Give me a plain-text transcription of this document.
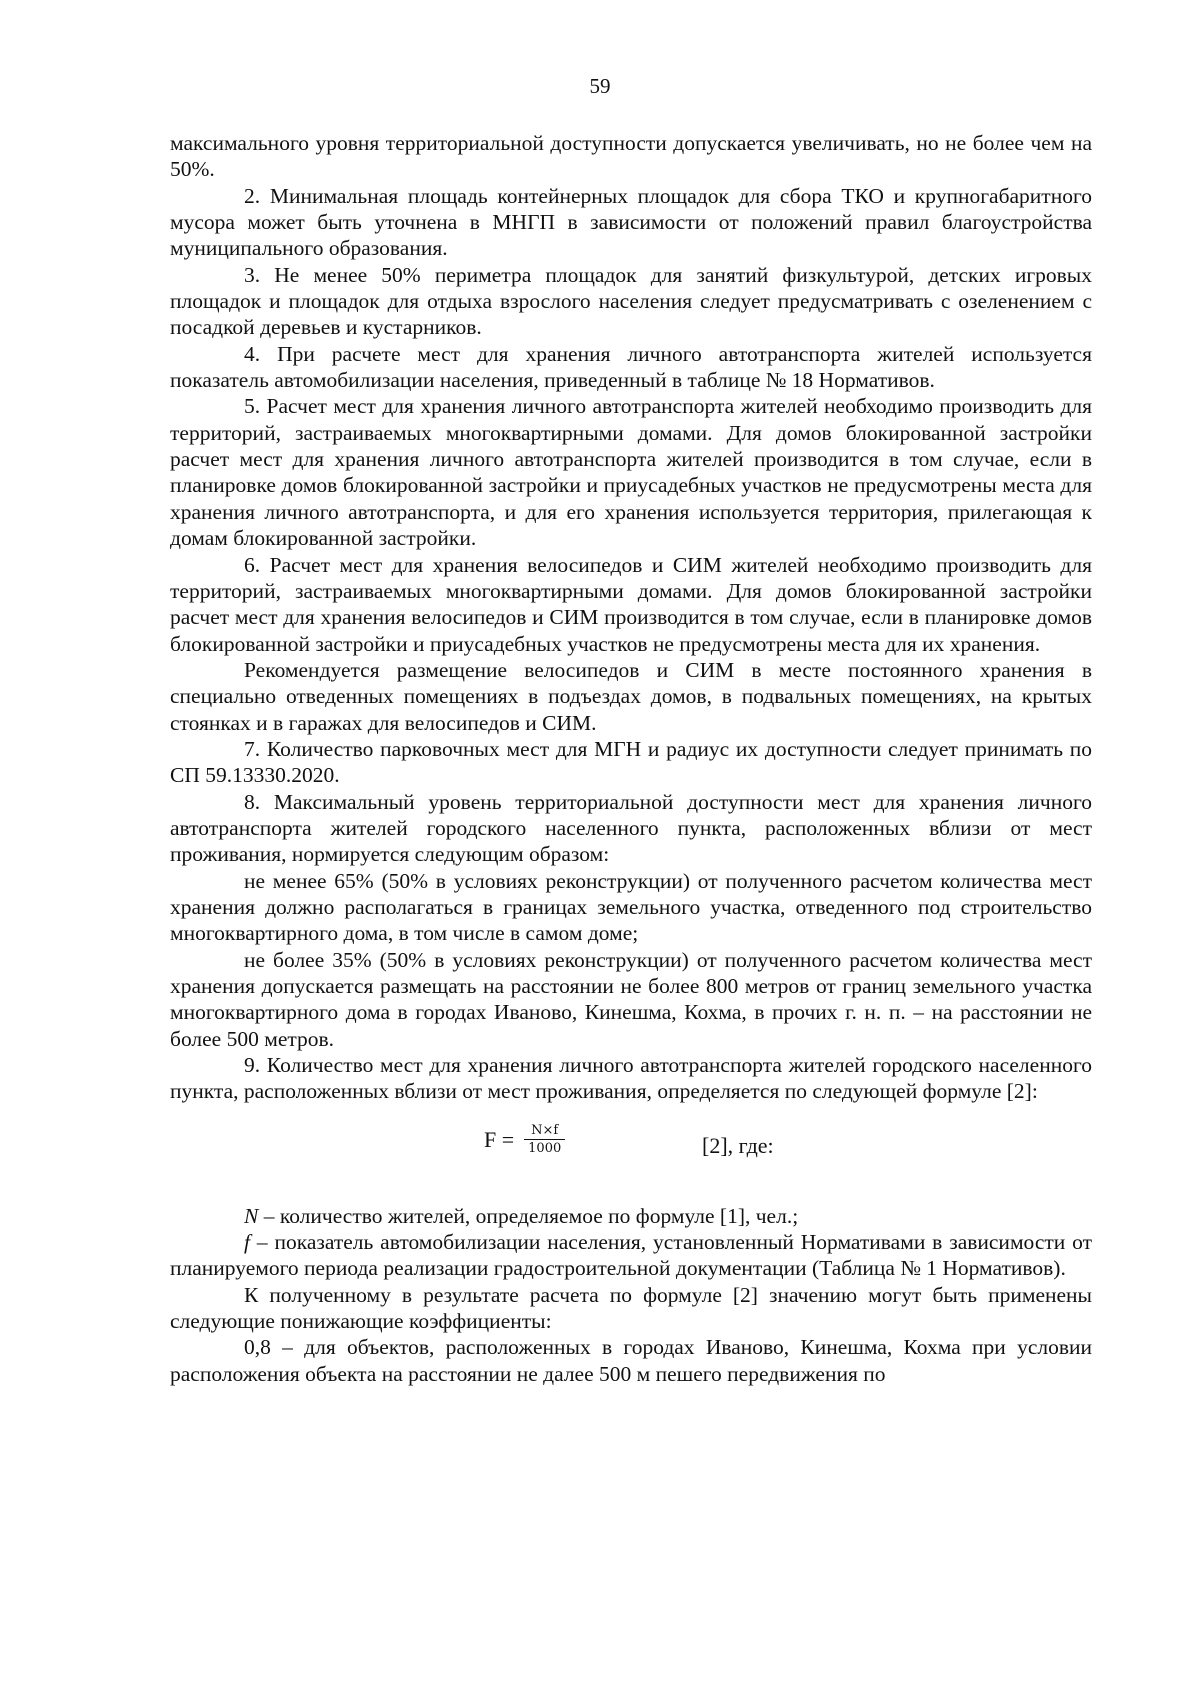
59

максимального уровня территориальной доступности допускается увеличивать, но не более чем на 50%.

2. Минимальная площадь контейнерных площадок для сбора ТКО и крупногабаритного мусора может быть уточнена в МНГП в зависимости от положений правил благоустройства муниципального образования.

3. Не менее 50% периметра площадок для занятий физкультурой, детских игровых площадок и площадок для отдыха взрослого населения следует предусматривать с озеленением с посадкой деревьев и кустарников.

4. При расчете мест для хранения личного автотранспорта жителей используется показатель автомобилизации населения, приведенный в таблице № 18 Нормативов.

5. Расчет мест для хранения личного автотранспорта жителей необходимо производить для территорий, застраиваемых многоквартирными домами. Для домов блокированной застройки расчет мест для хранения личного автотранспорта жителей производится в том случае, если в планировке домов блокированной застройки и приусадебных участков не предусмотрены места для хранения личного автотранспорта, и для его хранения используется территория, прилегающая к домам блокированной застройки.

6. Расчет мест для хранения велосипедов и СИМ жителей необходимо производить для территорий, застраиваемых многоквартирными домами. Для домов блокированной застройки расчет мест для хранения велосипедов и СИМ производится в том случае, если в планировке домов блокированной застройки и приусадебных участков не предусмотрены места для их хранения.

Рекомендуется размещение велосипедов и СИМ в месте постоянного хранения в специально отведенных помещениях в подъездах домов, в подвальных помещениях, на крытых стоянках и в гаражах для велосипедов и СИМ.

7. Количество парковочных мест для МГН и радиус их доступности следует принимать по СП 59.13330.2020.

8. Максимальный уровень территориальной доступности мест для хранения личного автотранспорта жителей городского населенного пункта, расположенных вблизи от мест проживания, нормируется следующим образом:

не менее 65% (50% в условиях реконструкции) от полученного расчетом количества мест хранения должно располагаться в границах земельного участка, отведенного под строительство многоквартирного дома, в том числе в самом доме;

не более 35% (50% в условиях реконструкции) от полученного расчетом количества мест хранения допускается размещать на расстоянии не более 800 метров от границ земельного участка многоквартирного дома в городах Иваново, Кинешма, Кохма, в прочих г. н. п. – на расстоянии не более 500 метров.

9. Количество мест для хранения личного автотранспорта жителей городского населенного пункта, расположенных вблизи от мест проживания, определяется по следующей формуле [2]:

$F = \frac{N\times f}{1000}$	[2], где:

N – количество жителей, определяемое по формуле [1], чел.;

f – показатель автомобилизации населения, установленный Нормативами в зависимости от планируемого периода реализации градостроительной документации (Таблица № 1 Нормативов).

К полученному в результате расчета по формуле [2] значению могут быть применены следующие понижающие коэффициенты:

0,8 – для объектов, расположенных в городах Иваново, Кинешма, Кохма при условии расположения объекта на расстоянии не далее 500 м пешего передвижения по
